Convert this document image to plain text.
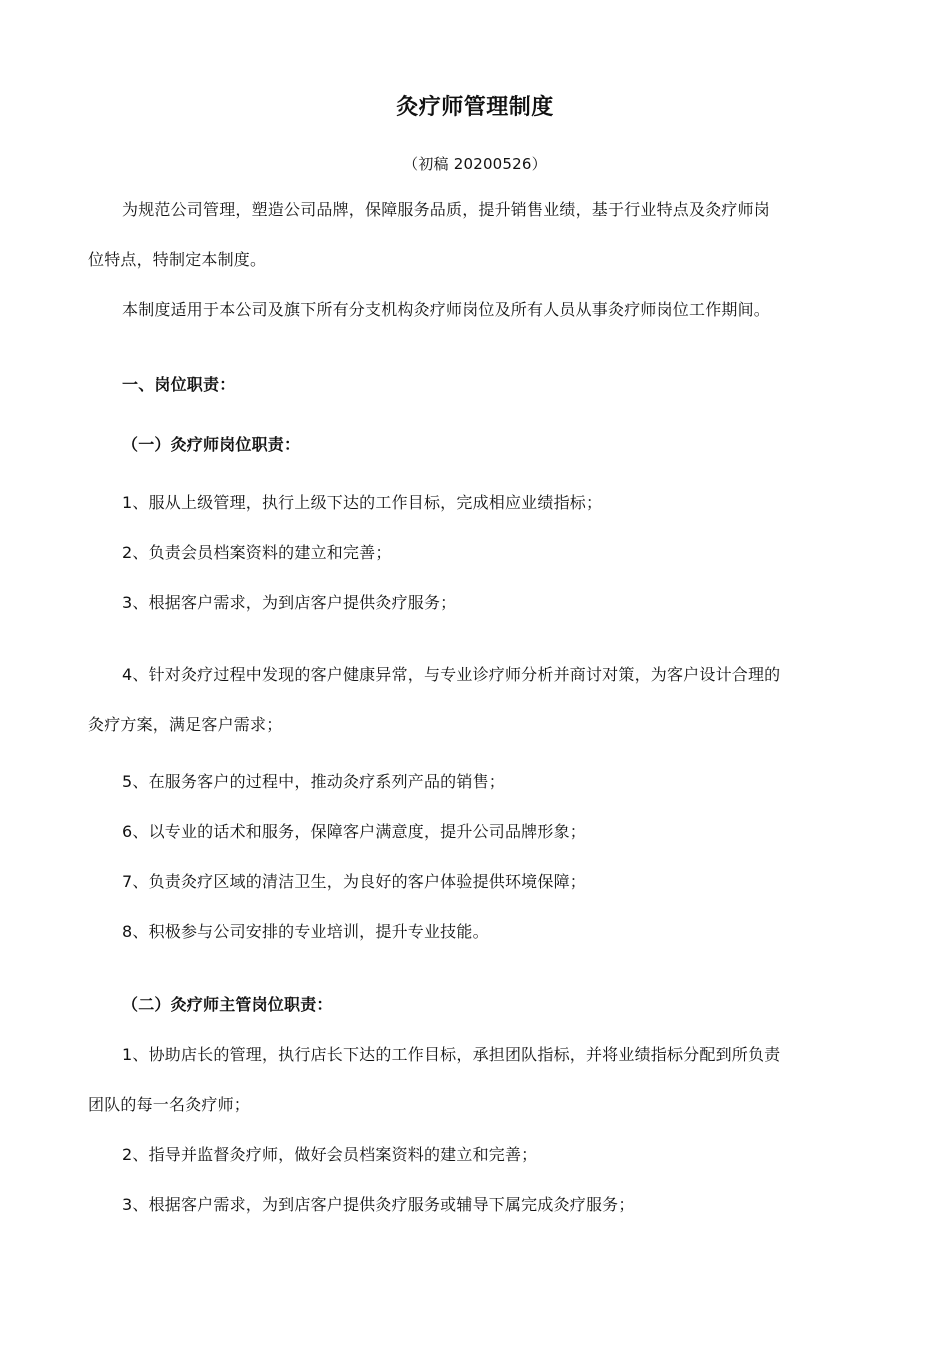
灸疗师管理制度
（初稿 20200526）
为规范公司管理，塑造公司品牌，保障服务品质，提升销售业绩，基于行业特点及灸疗师岗
位特点，特制定本制度。
本制度适用于本公司及旗下所有分支机构灸疗师岗位及所有人员从事灸疗师岗位工作期间。
一、岗位职责：
（一）灸疗师岗位职责：
1、服从上级管理，执行上级下达的工作目标，完成相应业绩指标；
2、负责会员档案资料的建立和完善；
3、根据客户需求，为到店客户提供灸疗服务；
4、针对灸疗过程中发现的客户健康异常，与专业诊疗师分析并商讨对策，为客户设计合理的
灸疗方案，满足客户需求；
5、在服务客户的过程中，推动灸疗系列产品的销售；
6、以专业的话术和服务，保障客户满意度，提升公司品牌形象；
7、负责灸疗区域的清洁卫生，为良好的客户体验提供环境保障；
8、积极参与公司安排的专业培训，提升专业技能。
（二）灸疗师主管岗位职责：
1、协助店长的管理，执行店长下达的工作目标，承担团队指标，并将业绩指标分配到所负责
团队的每一名灸疗师；
2、指导并监督灸疗师，做好会员档案资料的建立和完善；
3、根据客户需求，为到店客户提供灸疗服务或辅导下属完成灸疗服务；
